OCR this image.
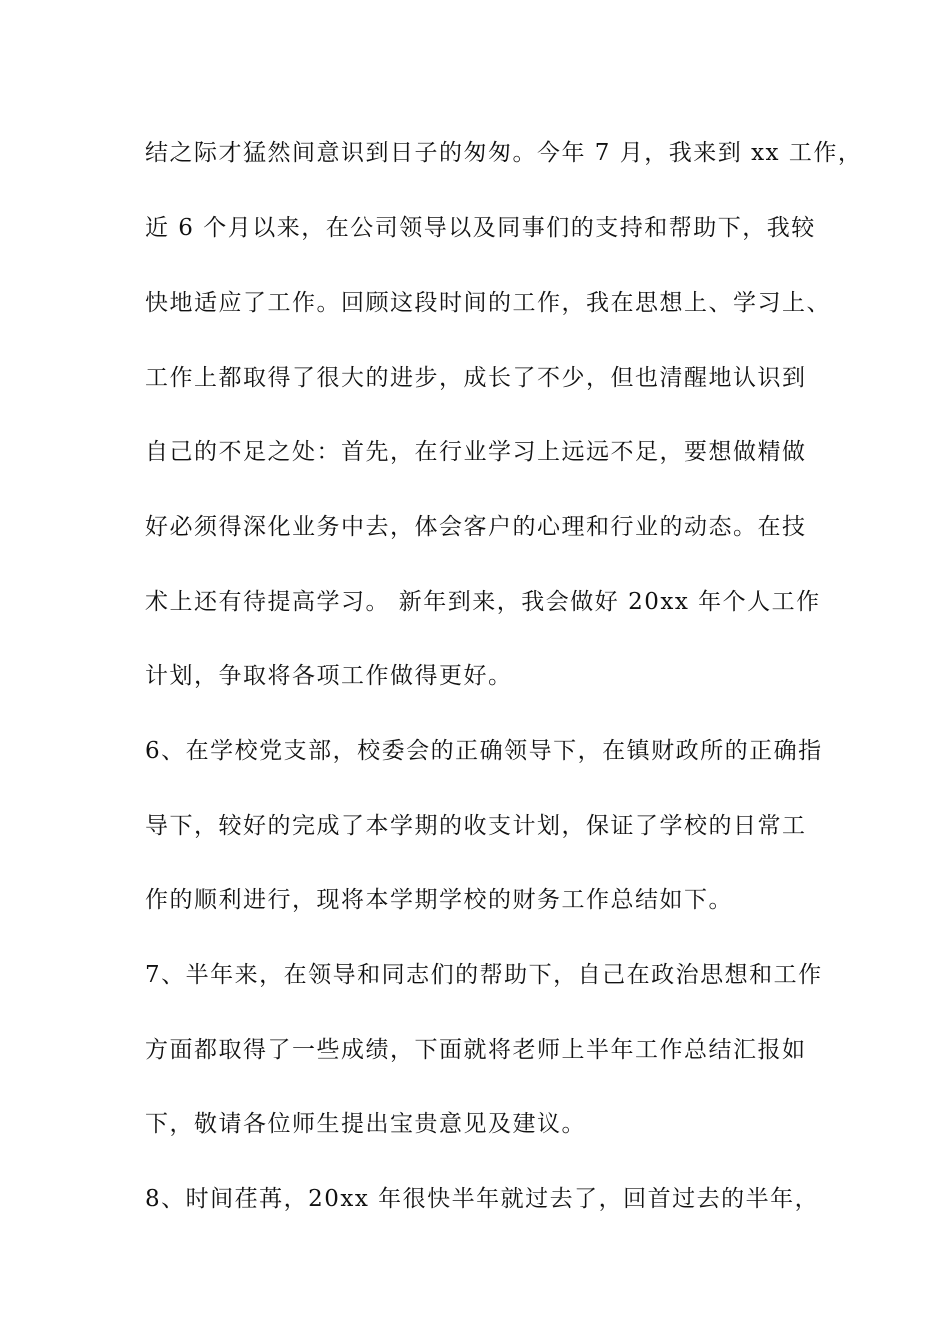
结之际才猛然间意识到日子的匆匆。今年 7 月，我来到 xx 工作，
近 6 个月以来，在公司领导以及同事们的支持和帮助下，我较
快地适应了工作。回顾这段时间的工作，我在思想上、学习上、
工作上都取得了很大的进步，成长了不少，但也清醒地认识到
自己的不足之处：首先，在行业学习上远远不足，要想做精做
好必须得深化业务中去，体会客户的心理和行业的动态。在技
术上还有待提高学习。 新年到来，我会做好 20xx 年个人工作
计划，争取将各项工作做得更好。
6、在学校党支部，校委会的正确领导下，在镇财政所的正确指
导下，较好的完成了本学期的收支计划，保证了学校的日常工
作的顺利进行，现将本学期学校的财务工作总结如下。
7、半年来，在领导和同志们的帮助下，自己在政治思想和工作
方面都取得了一些成绩，下面就将老师上半年工作总结汇报如
下，敬请各位师生提出宝贵意见及建议。
8、时间荏苒，20xx 年很快半年就过去了，回首过去的半年，
